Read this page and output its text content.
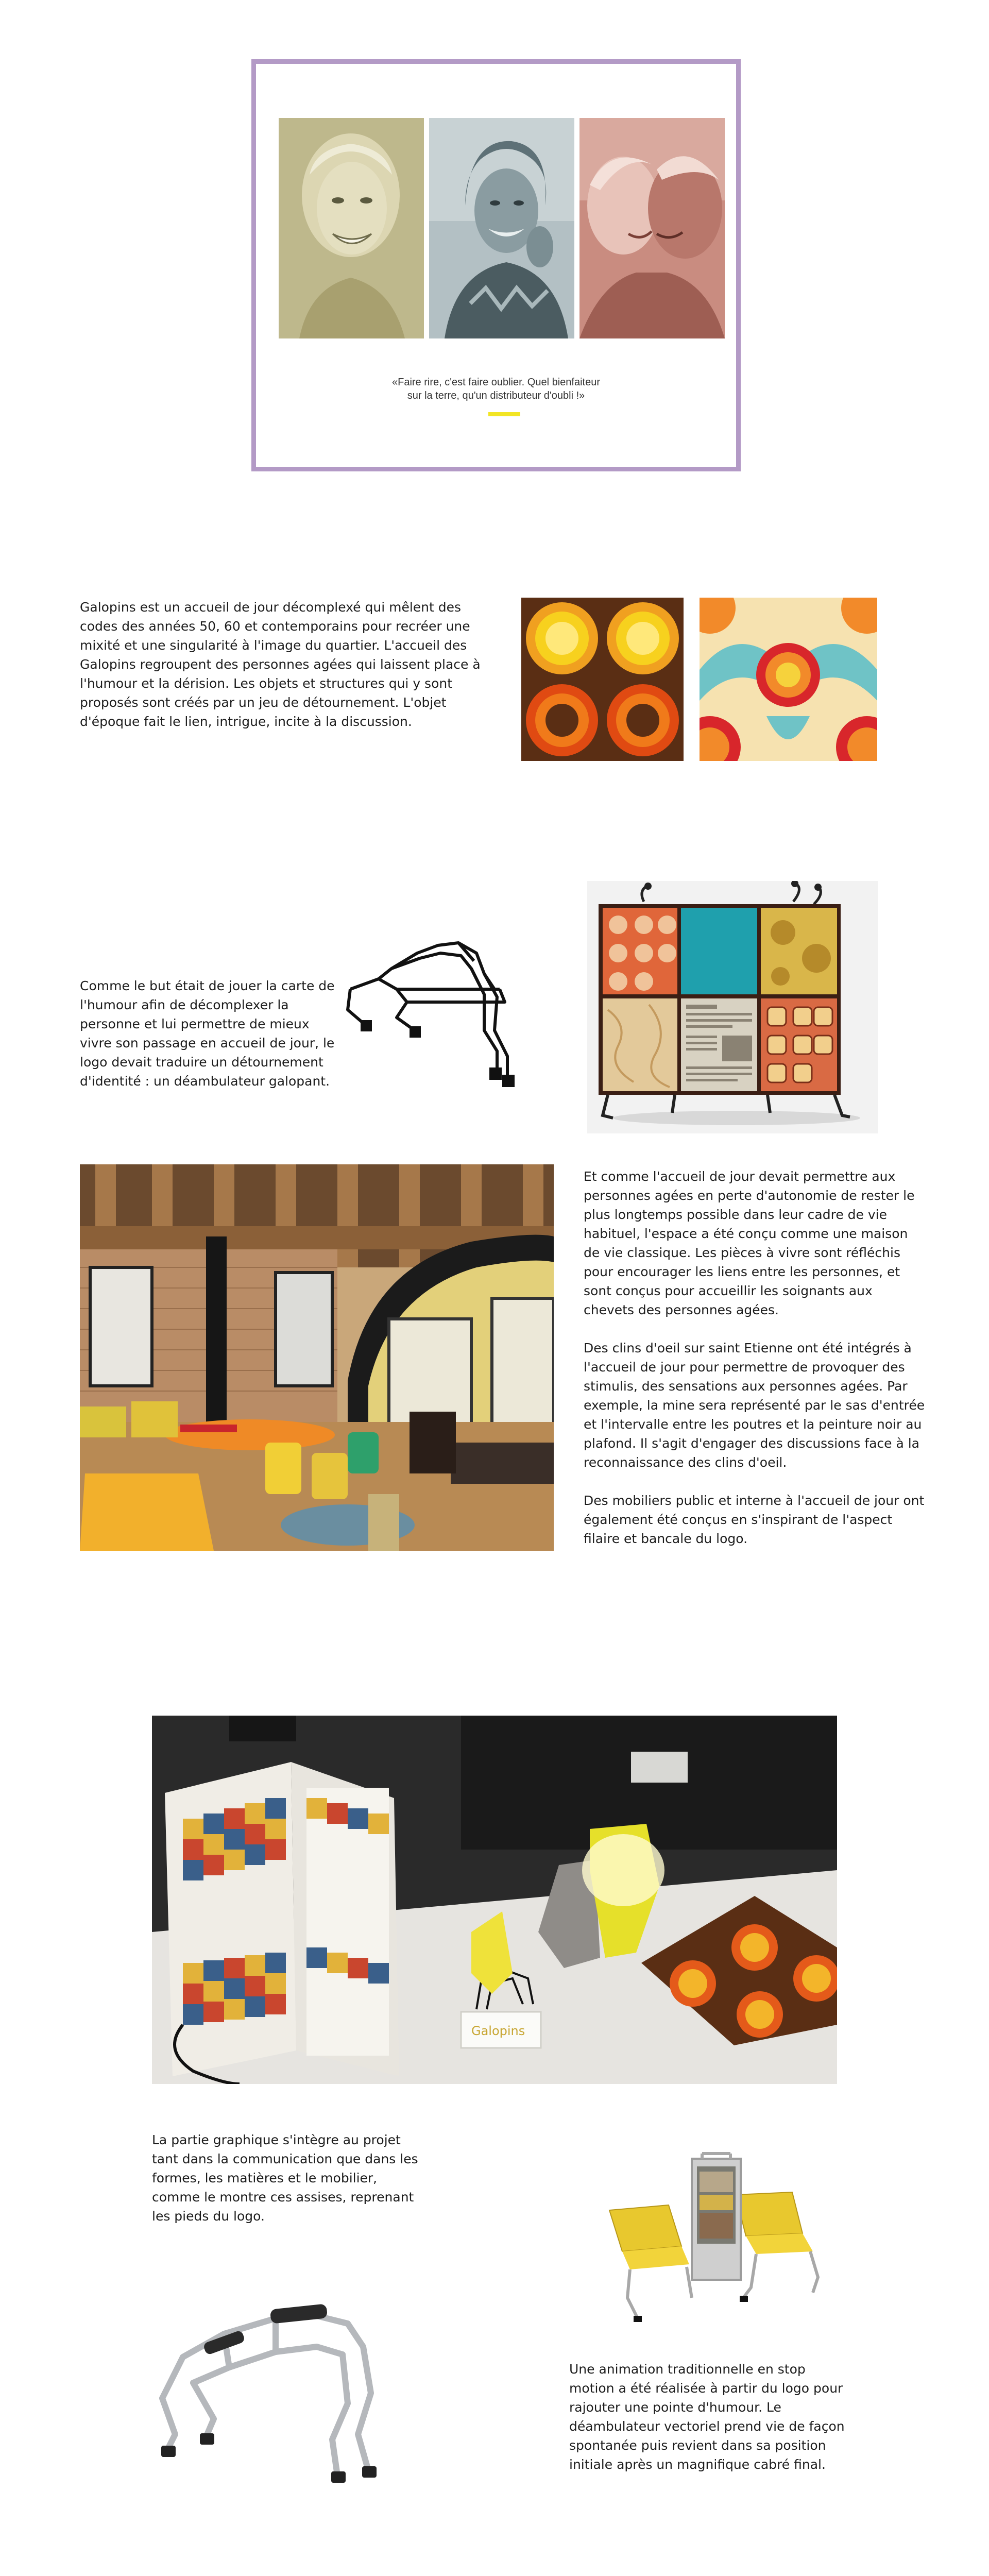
«Faire rire, c'est faire oublier. Quel bienfaiteur
sur la terre, qu'un distributeur d'oubli !»
Galopins est un accueil de jour décomplexé qui mêlent des codes des années 50, 60 et contemporains pour recréer une mixité et une singularité à l'image du quartier. L'accueil des Galopins regroupent des personnes agées qui laissent place à l'humour et la dérision. Les objets et structures qui y sont proposés sont créés par un jeu de détournement. L'objet d'époque fait le lien, intrigue, incite à la discussion.
Comme le but était de jouer la carte de l'humour afin de décomplexer la personne et lui permettre de mieux vivre son passage en accueil de jour, le logo devait traduire un détournement d'identité : un déambulateur galopant.

Et comme l'accueil de jour devait permettre aux personnes agées en perte d'autonomie de rester le plus longtemps possible dans leur cadre de vie habituel, l'espace a été conçu comme une maison de vie classique. Les pièces à vivre sont réfléchis pour encourager les liens entre les personnes, et sont conçus pour accueillir les soignants aux chevets des personnes agées.

Des clins d'oeil sur saint Etienne ont été intégrés à l'accueil de jour pour permettre de provoquer des stimulis, des sensations aux personnes agées. Par exemple, la mine sera représenté par le sas d'entrée et l'intervalle entre les poutres et la peinture noir au plafond. Il s'agit d'engager des discussions face à la reconnaissance des clins d'oeil.

Des mobiliers public et interne à l'accueil de jour ont également été conçus en s'inspirant de l'aspect filaire et bancale du logo.

Galopins
La partie graphique s'intègre au projet tant dans la communication que dans les formes, les matières et le mobilier, comme le montre ces assises, reprenant les pieds du logo.
Une animation traditionnelle en stop motion a été réalisée à partir du logo pour rajouter une pointe d'humour. Le déambulateur vectoriel prend vie de façon spontanée puis revient dans sa position initiale après un magnifique cabré final.
